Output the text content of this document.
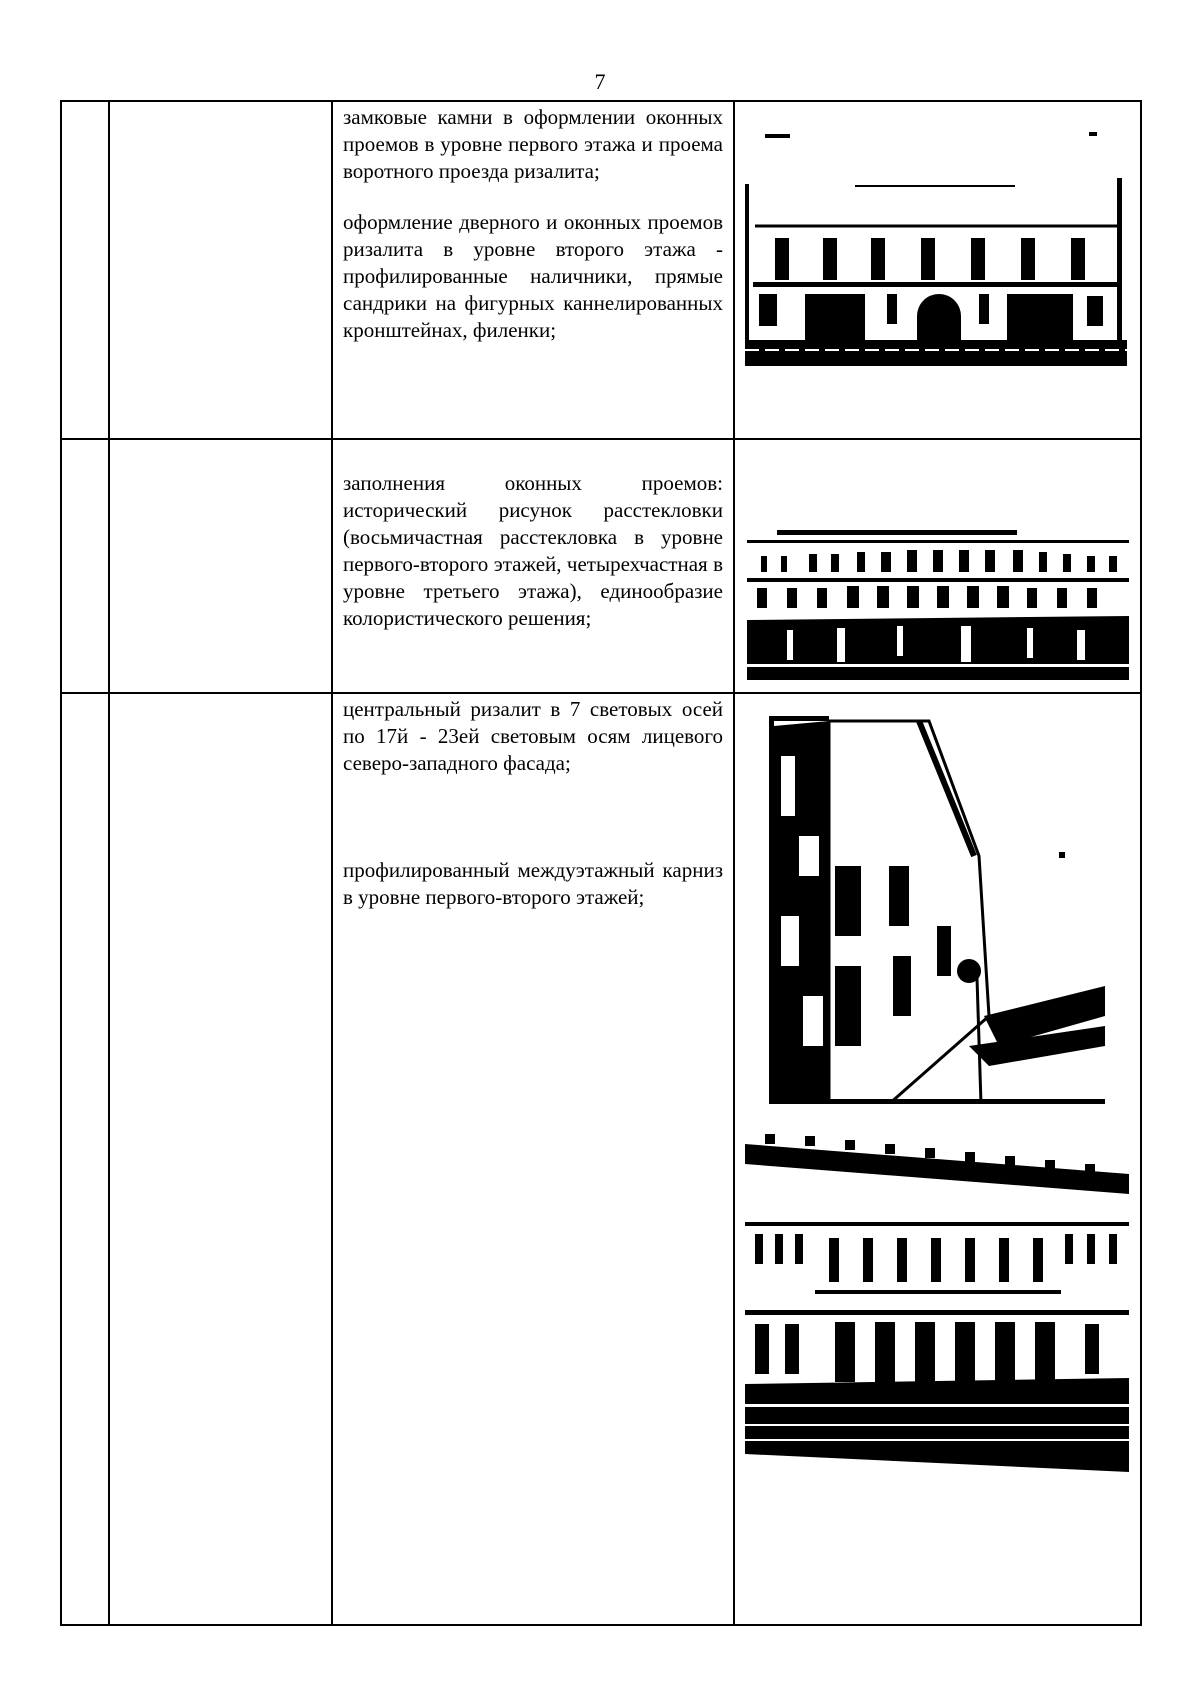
7

		замковые камни в оформлении оконных проемов в уровне первого этажа и проема воротного проезда ризалита;

оформление дверного и оконных проемов ризалита в уровне второго этажа - профилированные наличники, прямые сандрики на фигурных каннелированных кронштейнах, филенки;

		заполнения оконных проемов: исторический рисунок расстекловки (восьмичастная расстекловка в уровне первого-второго этажей, четырехчастная в уровне третьего этажа), единообразие колористического решения;

		центральный ризалит в 7 световых осей по 17й - 23ей световым осям лицевого северо-западного фасада;

профилированный междуэтажный карниз в уровне первого-второго этажей;
